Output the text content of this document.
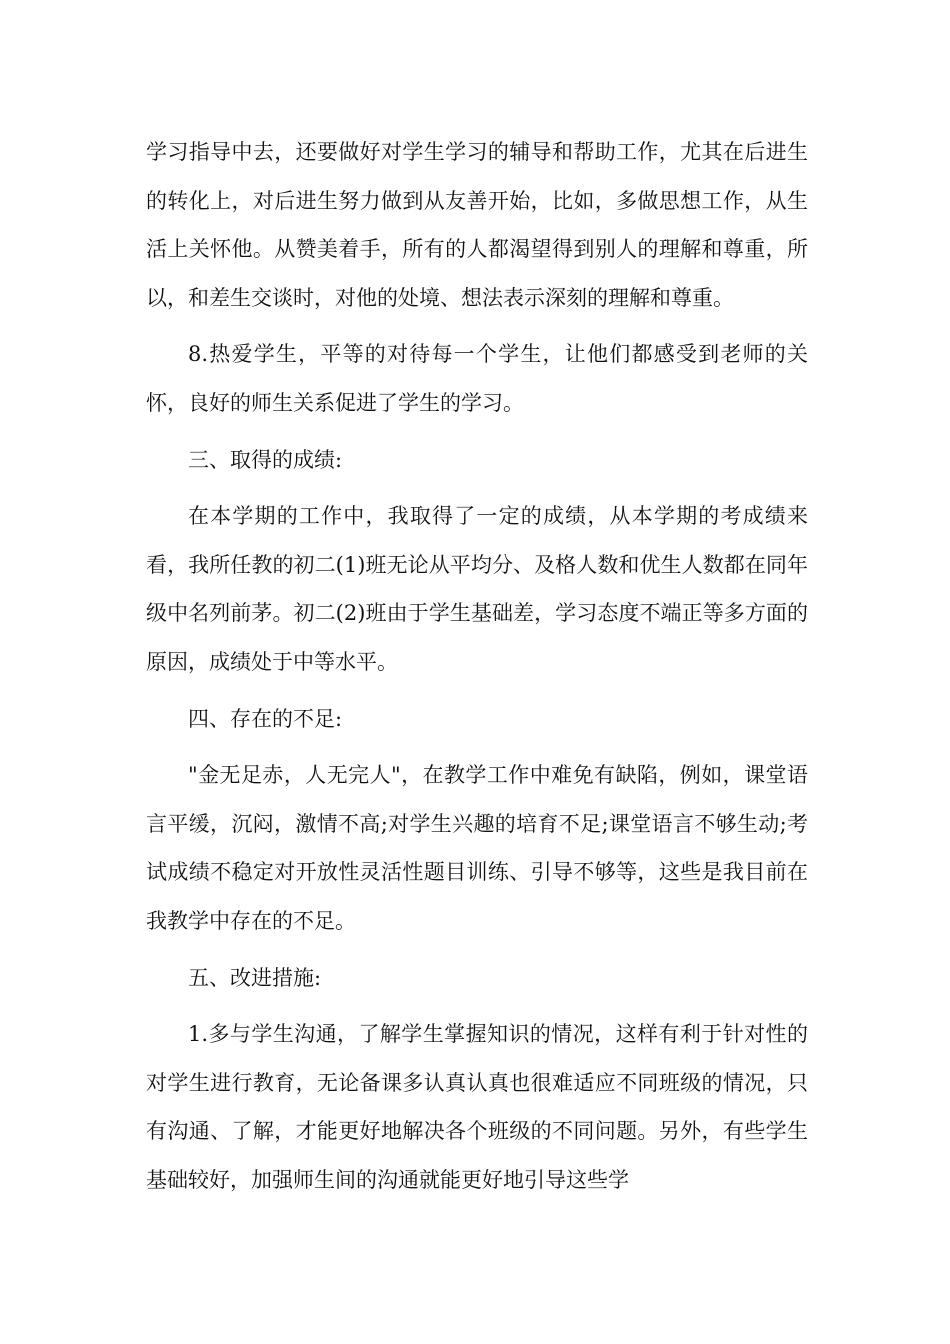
学习指导中去，还要做好对学生学习的辅导和帮助工作，尤其在后进生的转化上，对后进生努力做到从友善开始，比如，多做思想工作，从生活上关怀他。从赞美着手，所有的人都渴望得到别人的理解和尊重，所以，和差生交谈时，对他的处境、想法表示深刻的理解和尊重。

8.热爱学生，平等的对待每一个学生，让他们都感受到老师的关怀，良好的师生关系促进了学生的学习。

三、取得的成绩:

在本学期的工作中，我取得了一定的成绩，从本学期的考成绩来看，我所任教的初二(1)班无论从平均分、及格人数和优生人数都在同年级中名列前茅。初二(2)班由于学生基础差，学习态度不端正等多方面的原因，成绩处于中等水平。

四、存在的不足:

"金无足赤，人无完人"，在教学工作中难免有缺陷，例如，课堂语言平缓，沉闷，激情不高;对学生兴趣的培育不足;课堂语言不够生动;考试成绩不稳定对开放性灵活性题目训练、引导不够等，这些是我目前在我教学中存在的不足。

五、改进措施:

1.多与学生沟通，了解学生掌握知识的情况，这样有利于针对性的对学生进行教育，无论备课多认真认真也很难适应不同班级的情况，只有沟通、了解，才能更好地解决各个班级的不同问题。另外，有些学生基础较好，加强师生间的沟通就能更好地引导这些学
